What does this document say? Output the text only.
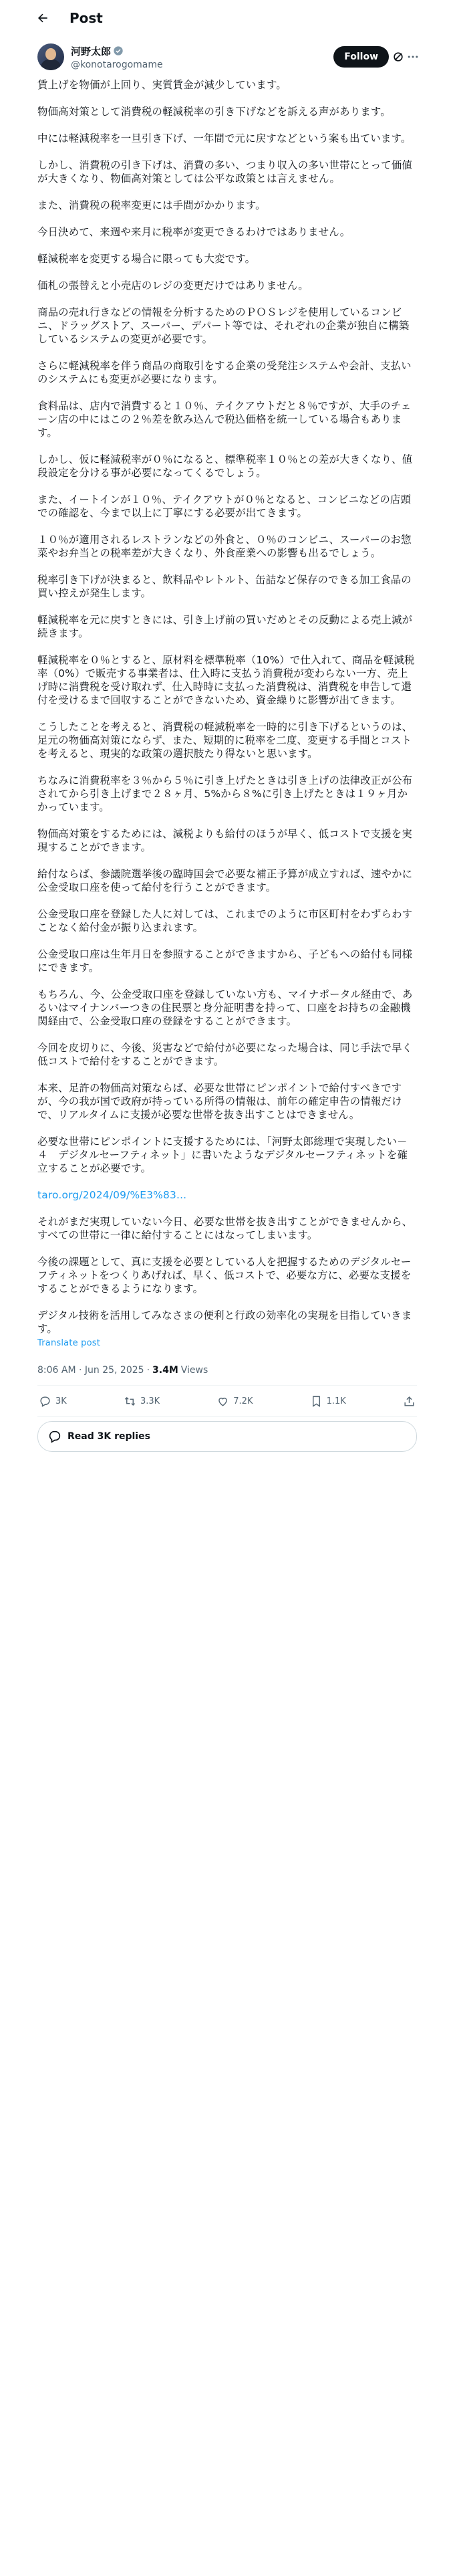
Post
河野太郎
@konotarogomame
Follow
賃上げを物価が上回り、実質賃金が減少しています。
物価高対策として消費税の軽減税率の引き下げなどを訴える声があります。
中には軽減税率を一旦引き下げ、一年間で元に戻すなどという案も出ています。
しかし、消費税の引き下げは、消費の多い、つまり収入の多い世帯にとって価値が大きくなり、物価高対策としては公平な政策とは言えません。
また、消費税の税率変更には手間がかかります。
今日決めて、来週や来月に税率が変更できるわけではありません。
軽減税率を変更する場合に限っても大変です。
価札の張替えと小売店のレジの変更だけではありません。
商品の売れ行きなどの情報を分析するためのＰＯＳレジを使用しているコンビニ、ドラッグストア、スーパー、デパート等では、それぞれの企業が独自に構築しているシステムの変更が必要です。
さらに軽減税率を伴う商品の商取引をする企業の受発注システムや会計、支払いのシステムにも変更が必要になります。
食料品は、店内で消費すると１０％、テイクアウトだと８％ですが、大手のチェーン店の中にはこの２％差を飲み込んで税込価格を統一している場合もあります。
しかし、仮に軽減税率が０％になると、標準税率１０％との差が大きくなり、値段設定を分ける事が必要になってくるでしょう。
また、イートインが１０％、テイクアウトが０％となると、コンビニなどの店頭での確認を、今まで以上に丁寧にする必要が出てきます。
１０％が適用されるレストランなどの外食と、０％のコンビニ、スーパーのお惣菜やお弁当との税率差が大きくなり、外食産業への影響も出るでしょう。
税率引き下げが決まると、飲料品やレトルト、缶詰など保存のできる加工食品の買い控えが発生します。
軽減税率を元に戻すときには、引き上げ前の買いだめとその反動による売上減が続きます。
軽減税率を０％とすると、原材料を標準税率（10%）で仕入れて、商品を軽減税率（0%）で販売する事業者は、仕入時に支払う消費税が変わらない一方、売上げ時に消費税を受け取れず、仕入時時に支払った消費税は、消費税を申告して還付を受けるまで回収することができないため、資金繰りに影響が出てきます。
こうしたことを考えると、消費税の軽減税率を一時的に引き下げるというのは、足元の物価高対策にならず、また、短期的に税率を二度、変更する手間とコストを考えると、現実的な政策の選択肢たり得ないと思います。
ちなみに消費税率を３％から５％に引き上げたときは引き上げの法律改正が公布されてから引き上げまで２８ヶ月、5%から８%に引き上げたときは１９ヶ月かかっています。
物価高対策をするためには、減税よりも給付のほうが早く、低コストで支援を実現することができます。
給付ならば、参議院選挙後の臨時国会で必要な補正予算が成立すれば、速やかに公金受取口座を使って給付を行うことができます。
公金受取口座を登録した人に対しては、これまでのように市区町村をわずらわすことなく給付金が振り込まれます。
公金受取口座は生年月日を参照することができますから、子どもへの給付も同様にできます。
もちろん、今、公金受取口座を登録していない方も、マイナポータル経由で、あるいはマイナンバーつきの住民票と身分証明書を持って、口座をお持ちの金融機関経由で、公金受取口座の登録をすることができます。
今回を皮切りに、今後、災害などで給付が必要になった場合は、同じ手法で早く低コストで給付をすることができます。
本来、足許の物価高対策ならば、必要な世帯にピンポイントで給付すべきですが、今の我が国で政府が持っている所得の情報は、前年の確定申告の情報だけで、リアルタイムに支援が必要な世帯を抜き出すことはできません。
必要な世帯にピンポイントに支援するためには、「河野太郎総理で実現したい－４　デジタルセーフティネット」に書いたようなデジタルセーフティネットを確立することが必要です。
taro.org/2024/09/%E3%83...
それがまだ実現していない今日、必要な世帯を抜き出すことができませんから、すべての世帯に一律に給付することにはなってしまいます。
今後の課題として、真に支援を必要としている人を把握するためのデジタルセーフティネットをつくりあげれば、早く、低コストで、必要な方に、必要な支援をすることができるようになります。
デジタル技術を活用してみなさまの便利と行政の効率化の実現を目指していきます。
Translate post
8:06 AM · Jun 25, 2025 · 3.4M Views
3K	3.3K	7.2K	1.1K
Read 3K replies
